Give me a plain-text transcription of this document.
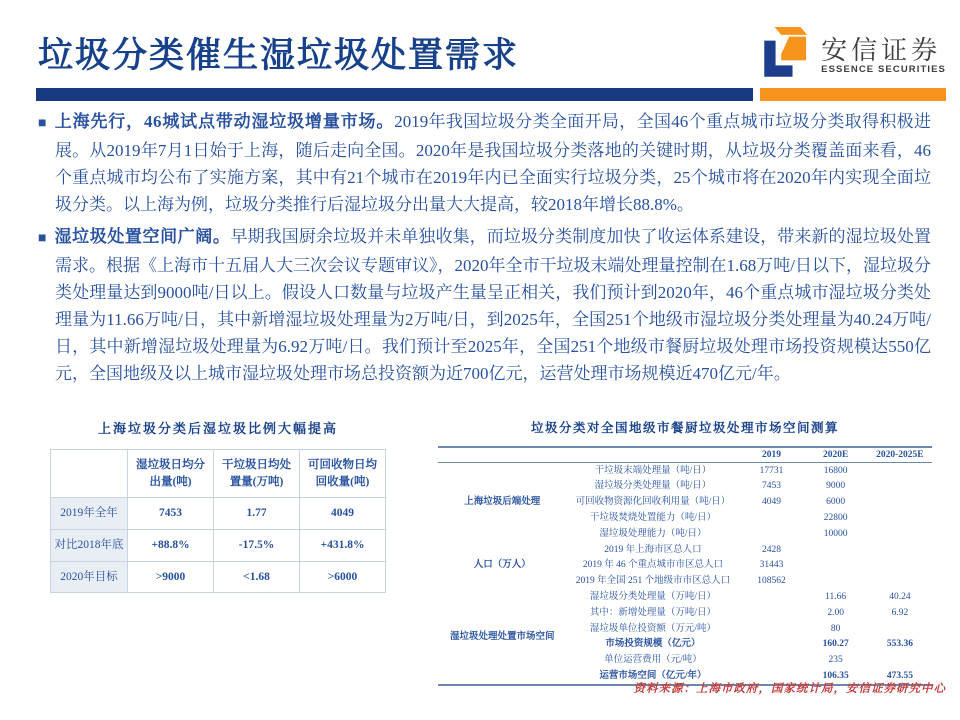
垃圾分类催生湿垃圾处置需求	安信证券
ESSENCE SECURITIES
■ 上海先行，46城试点带动湿垃圾增量市场。2019年我国垃圾分类全面开局，全国46个重点城市垃圾分类取得积极进展。从2019年7月1日始于上海，随后走向全国。2020年是我国垃圾分类落地的关键时期，从垃圾分类覆盖面来看，46个重点城市均公布了实施方案，其中有21个城市在2019年内已全面实行垃圾分类，25个城市将在2020年内实现全面垃圾分类。以上海为例，垃圾分类推行后湿垃圾分出量大大提高，较2018年增长88.8%。
■ 湿垃圾处置空间广阔。早期我国厨余垃圾并未单独收集，而垃圾分类制度加快了收运体系建设，带来新的湿垃圾处置需求。根据《上海市十五届人大三次会议专题审议》，2020年全市干垃圾末端处理量控制在1.68万吨/日以下，湿垃圾分类处理量达到9000吨/日以上。假设人口数量与垃圾产生量呈正相关，我们预计到2020年，46个重点城市湿垃圾分类处理量为11.66万吨/日，其中新增湿垃圾处理量为2万吨/日，到2025年，全国251个地级市湿垃圾分类处理量为40.24万吨/日，其中新增湿垃圾处理量为6.92万吨/日。我们预计至2025年，全国251个地级市餐厨垃圾处理市场投资规模达550亿元，全国地级及以上城市湿垃圾处理市场总投资额为近700亿元，运营处理市场规模近470亿元/年。
上海垃圾分类后湿垃圾比例大幅提高
	湿垃圾日均分出量(吨)	干垃圾日均处置量(万吨)	可回收物日均回收量(吨)
2019年全年	7453	1.77	4049
对比2018年底	+88.8%	-17.5%	+431.8%
2020年目标	>9000	<1.68	>6000
垃圾分类对全国地级市餐厨垃圾处理市场空间测算
		2019	2020E	2020-2025E
上海垃圾后端处理	干垃圾末端处理量（吨/日）	17731	16800	
	湿垃圾分类处理量（吨/日）	7453	9000	
	可回收物资源化回收利用量（吨/日）	4049	6000	
	干垃圾焚烧处置能力（吨/日）		22800	
	湿垃圾处理能力（吨/日）		10000	
人口（万人）	2019 年上海市区总人口	2428		
	2019 年 46 个重点城市市区总人口	31443		
	2019 年全国 251 个地级市市区总人口	108562		
湿垃圾处理处置市场空间	湿垃圾分类处理量（万吨/日）		11.66	40.24
	其中：新增处理量（万吨/日）		2.00	6.92
	湿垃圾单位投资额（万元/吨）		80	
	市场投资规模（亿元）		160.27	553.36
	单位运营费用（元/吨）		235	
	运营市场空间（亿元/年）		106.35	473.55
资料来源：上海市政府，国家统计局，安信证券研究中心
